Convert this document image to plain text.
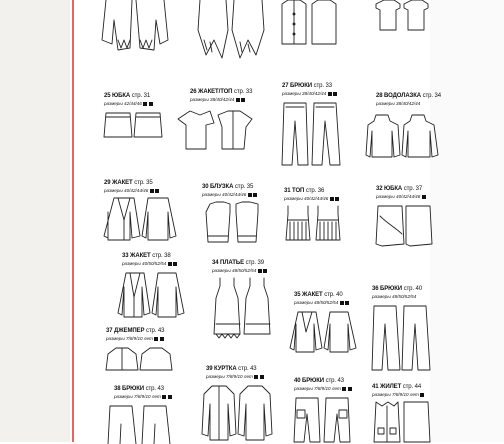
25 ЮБКА стр. 31
размеры 42/44/46
26 ЖАКЕТ/ТОП стр. 33
размеры 38/40/42/44
27 БРЮКИ стр. 33
размеры 38/40/42/44	28 ВОДОЛАЗКА стр. 34
размеры 38/40/42/44
29 ЖАКЕТ стр. 35
размеры 40/42/44/46
30 БЛУЗКА стр. 35
размеры 40/42/44/46
31 ТОП стр. 36
размеры 40/42/44/46
32 ЮБКА стр. 37
размеры 40/42/44/46
33 ЖАКЕТ стр. 38
размеры 40/50/52/54	34 ПЛАТЬЕ стр. 39
размеры 48/50/52/54
35 ЖАКЕТ стр. 40
размеры 48/50/52/54
36 БРЮКИ стр. 40
размеры 48/50/52/54
37 ДЖЕМПЕР стр. 43
размеры 7/8/9/10 лет
38 БРЮКИ стр. 43
размеры 7/8/9/10 лет
39 КУРТКА стр. 43
размеры 7/8/9/10 лет
40 БРЮКИ стр. 43
размеры 7/8/9/10 лет	41 ЖИЛЕТ стр. 44
размеры 7/8/9/10 лет
